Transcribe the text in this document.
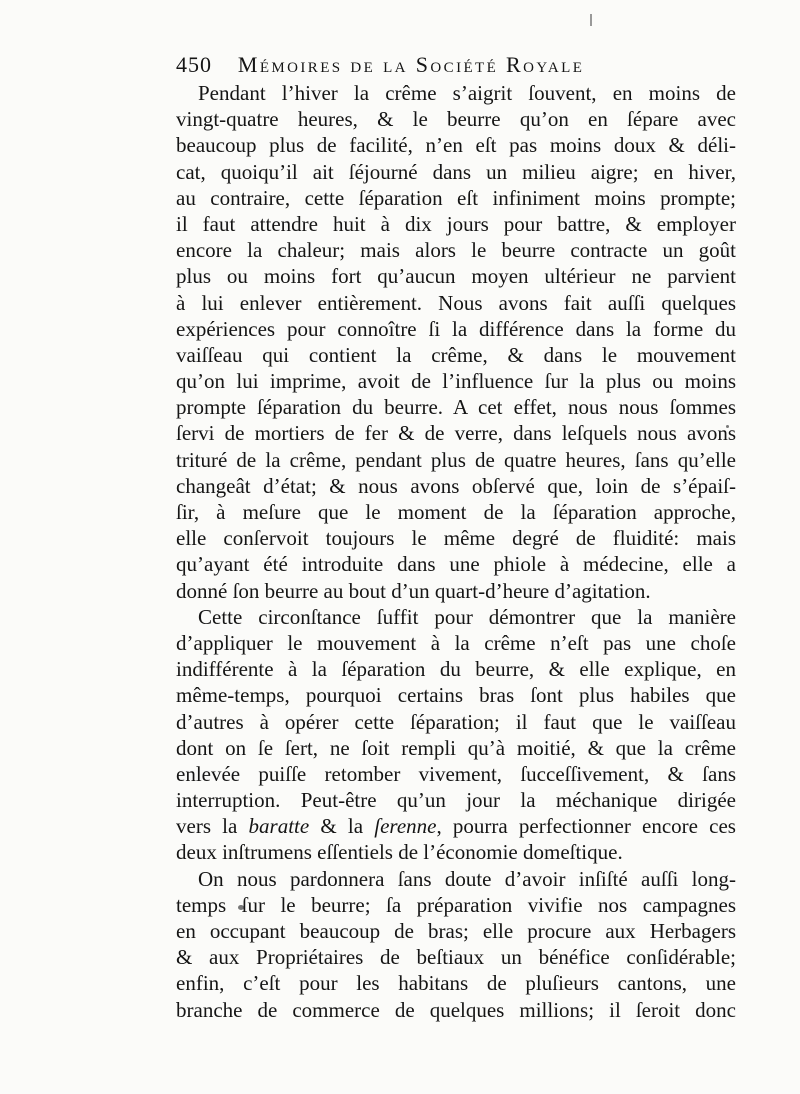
450 Mémoires de la Société Royale
Pendant l’hiver la crême s’aigrit ſouvent, en moins de
vingt-quatre heures, & le beurre qu’on en ſépare avec
beaucoup plus de facilité, n’en eſt pas moins doux & déli-
cat, quoiqu’il ait ſéjourné dans un milieu aigre; en hiver,
au contraire, cette ſéparation eſt infiniment moins prompte;
il faut attendre huit à dix jours pour battre, & employer
encore la chaleur; mais alors le beurre contracte un goût
plus ou moins fort qu’aucun moyen ultérieur ne parvient
à lui enlever entièrement. Nous avons fait auſſi quelques
expériences pour connoître ſi la différence dans la forme du
vaiſſeau qui contient la crême, & dans le mouvement
qu’on lui imprime, avoit de l’influence ſur la plus ou moins
prompte ſéparation du beurre. A cet effet, nous nous ſommes
ſervi de mortiers de fer & de verre, dans leſquels nous avons
trituré de la crême, pendant plus de quatre heures, ſans qu’elle
changeât d’état; & nous avons obſervé que, loin de s’épaiſ-
ſir, à meſure que le moment de la ſéparation approche,
elle conſervoit toujours le même degré de fluidité: mais
qu’ayant été introduite dans une phiole à médecine, elle a
donné ſon beurre au bout d’un quart-d’heure d’agitation.
Cette circonſtance ſuffit pour démontrer que la manière
d’appliquer le mouvement à la crême n’eſt pas une choſe
indifférente à la ſéparation du beurre, & elle explique, en
même-temps, pourquoi certains bras ſont plus habiles que
d’autres à opérer cette ſéparation; il faut que le vaiſſeau
dont on ſe ſert, ne ſoit rempli qu’à moitié, & que la crême
enlevée puiſſe retomber vivement, ſucceſſivement, & ſans
interruption. Peut-être qu’un jour la méchanique dirigée
vers la baratte & la ſerenne, pourra perfectionner encore ces
deux inſtrumens eſſentiels de l’économie domeſtique.
On nous pardonnera ſans doute d’avoir inſiſté auſſi long-
temps ſur le beurre; ſa préparation vivifie nos campagnes
en occupant beaucoup de bras; elle procure aux Herbagers
& aux Propriétaires de beſtiaux un bénéfice conſidérable;
enfin, c’eſt pour les habitans de pluſieurs cantons, une
branche de commerce de quelques millions; il ſeroit donc
